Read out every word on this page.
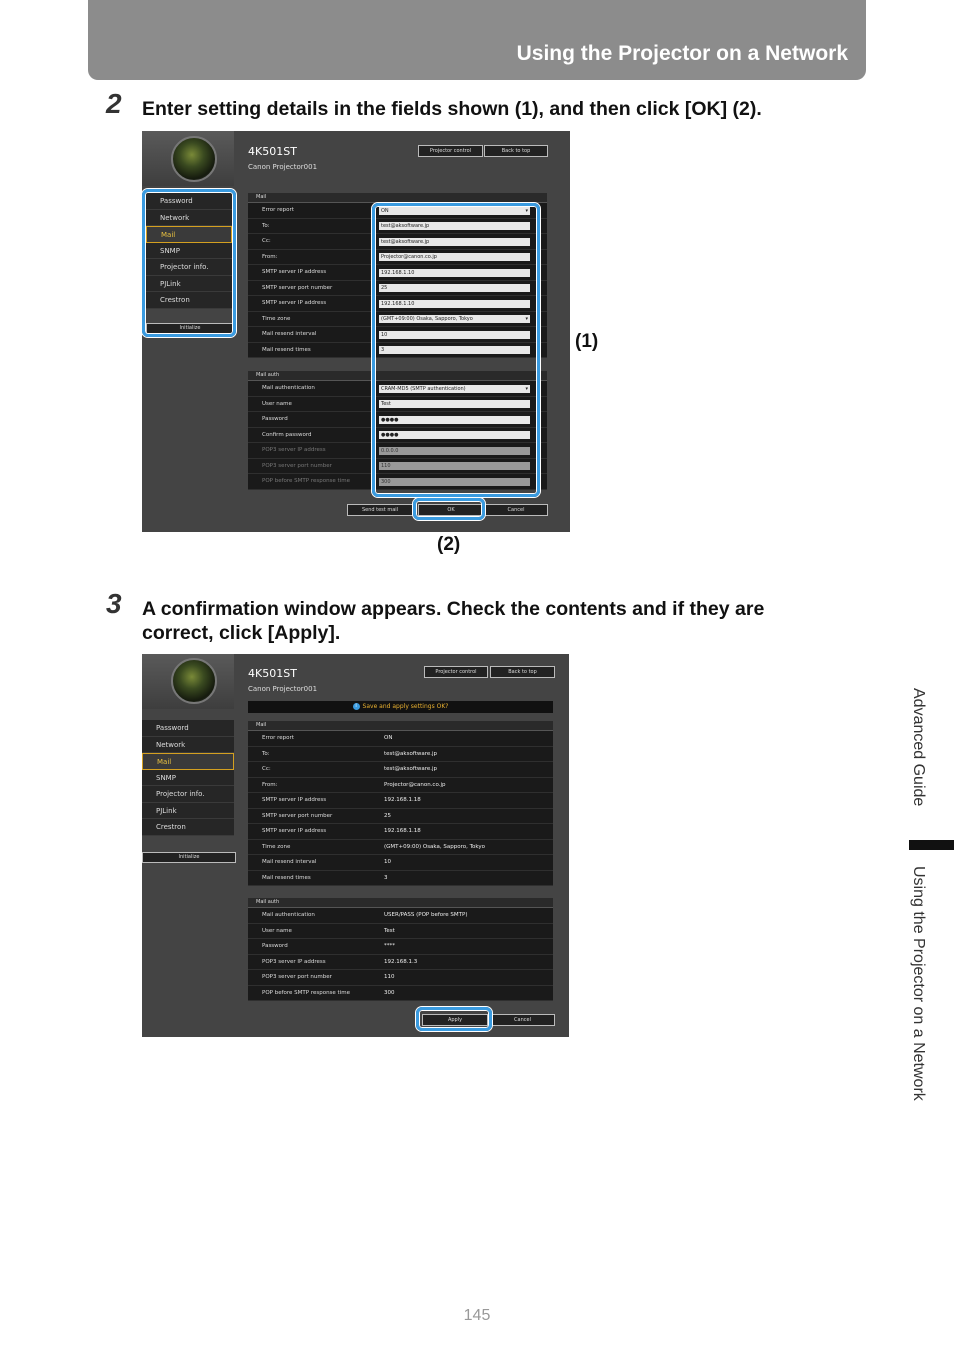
Using the Projector on a Network
2 Enter setting details in the fields shown (1), and then click [OK] (2).
4K501ST
Canon Projector001
Projector control	Back to top
Password
Network
Mail
SNMP
Projector info.
PJLink
Crestron
Initialize
Mail
Error report	ON	▾
To:	test@aksoftware.jp
Cc:	test@aksoftware.jp
From:	Projector@canon.co.jp
SMTP server IP address	192.168.1.10
SMTP server port number	25
SMTP server IP address	192.168.1.10
Time zone	(GMT+09:00) Osaka, Sapporo, Tokyo	▾
Mail resend interval	10
Mail resend times	3
Mail auth
Mail authentication	CRAM-MD5 (SMTP authentication)	▾
User name	Test
Password	●●●●
Confirm password	●●●●
POP3 server IP address	0.0.0.0
POP3 server port number	110
POP before SMTP response time	300
Send test mail	OK	Cancel
(1)
(2)
3 A confirmation window appears. Check the contents and if they are
correct, click [Apply].
4K501ST
Canon Projector001
Projector control	Back to top
i Save and apply settings OK?
Password
Network
Mail
SNMP
Projector info.
PJLink
Crestron
Initialize
Mail
Error report	ON
To:	test@aksoftware.jp
Cc:	test@aksoftware.jp
From:	Projector@canon.co.jp
SMTP server IP address	192.168.1.18
SMTP server port number	25
SMTP server IP address	192.168.1.18
Time zone	(GMT+09:00) Osaka, Sapporo, Tokyo
Mail resend interval	10
Mail resend times	3
Mail auth
Mail authentication	USER/PASS (POP before SMTP)
User name	Test
Password	****
POP3 server IP address	192.168.1.3
POP3 server port number	110
POP before SMTP response time	300
Apply	Cancel
Advanced Guide
Using the Projector on a Network
145
